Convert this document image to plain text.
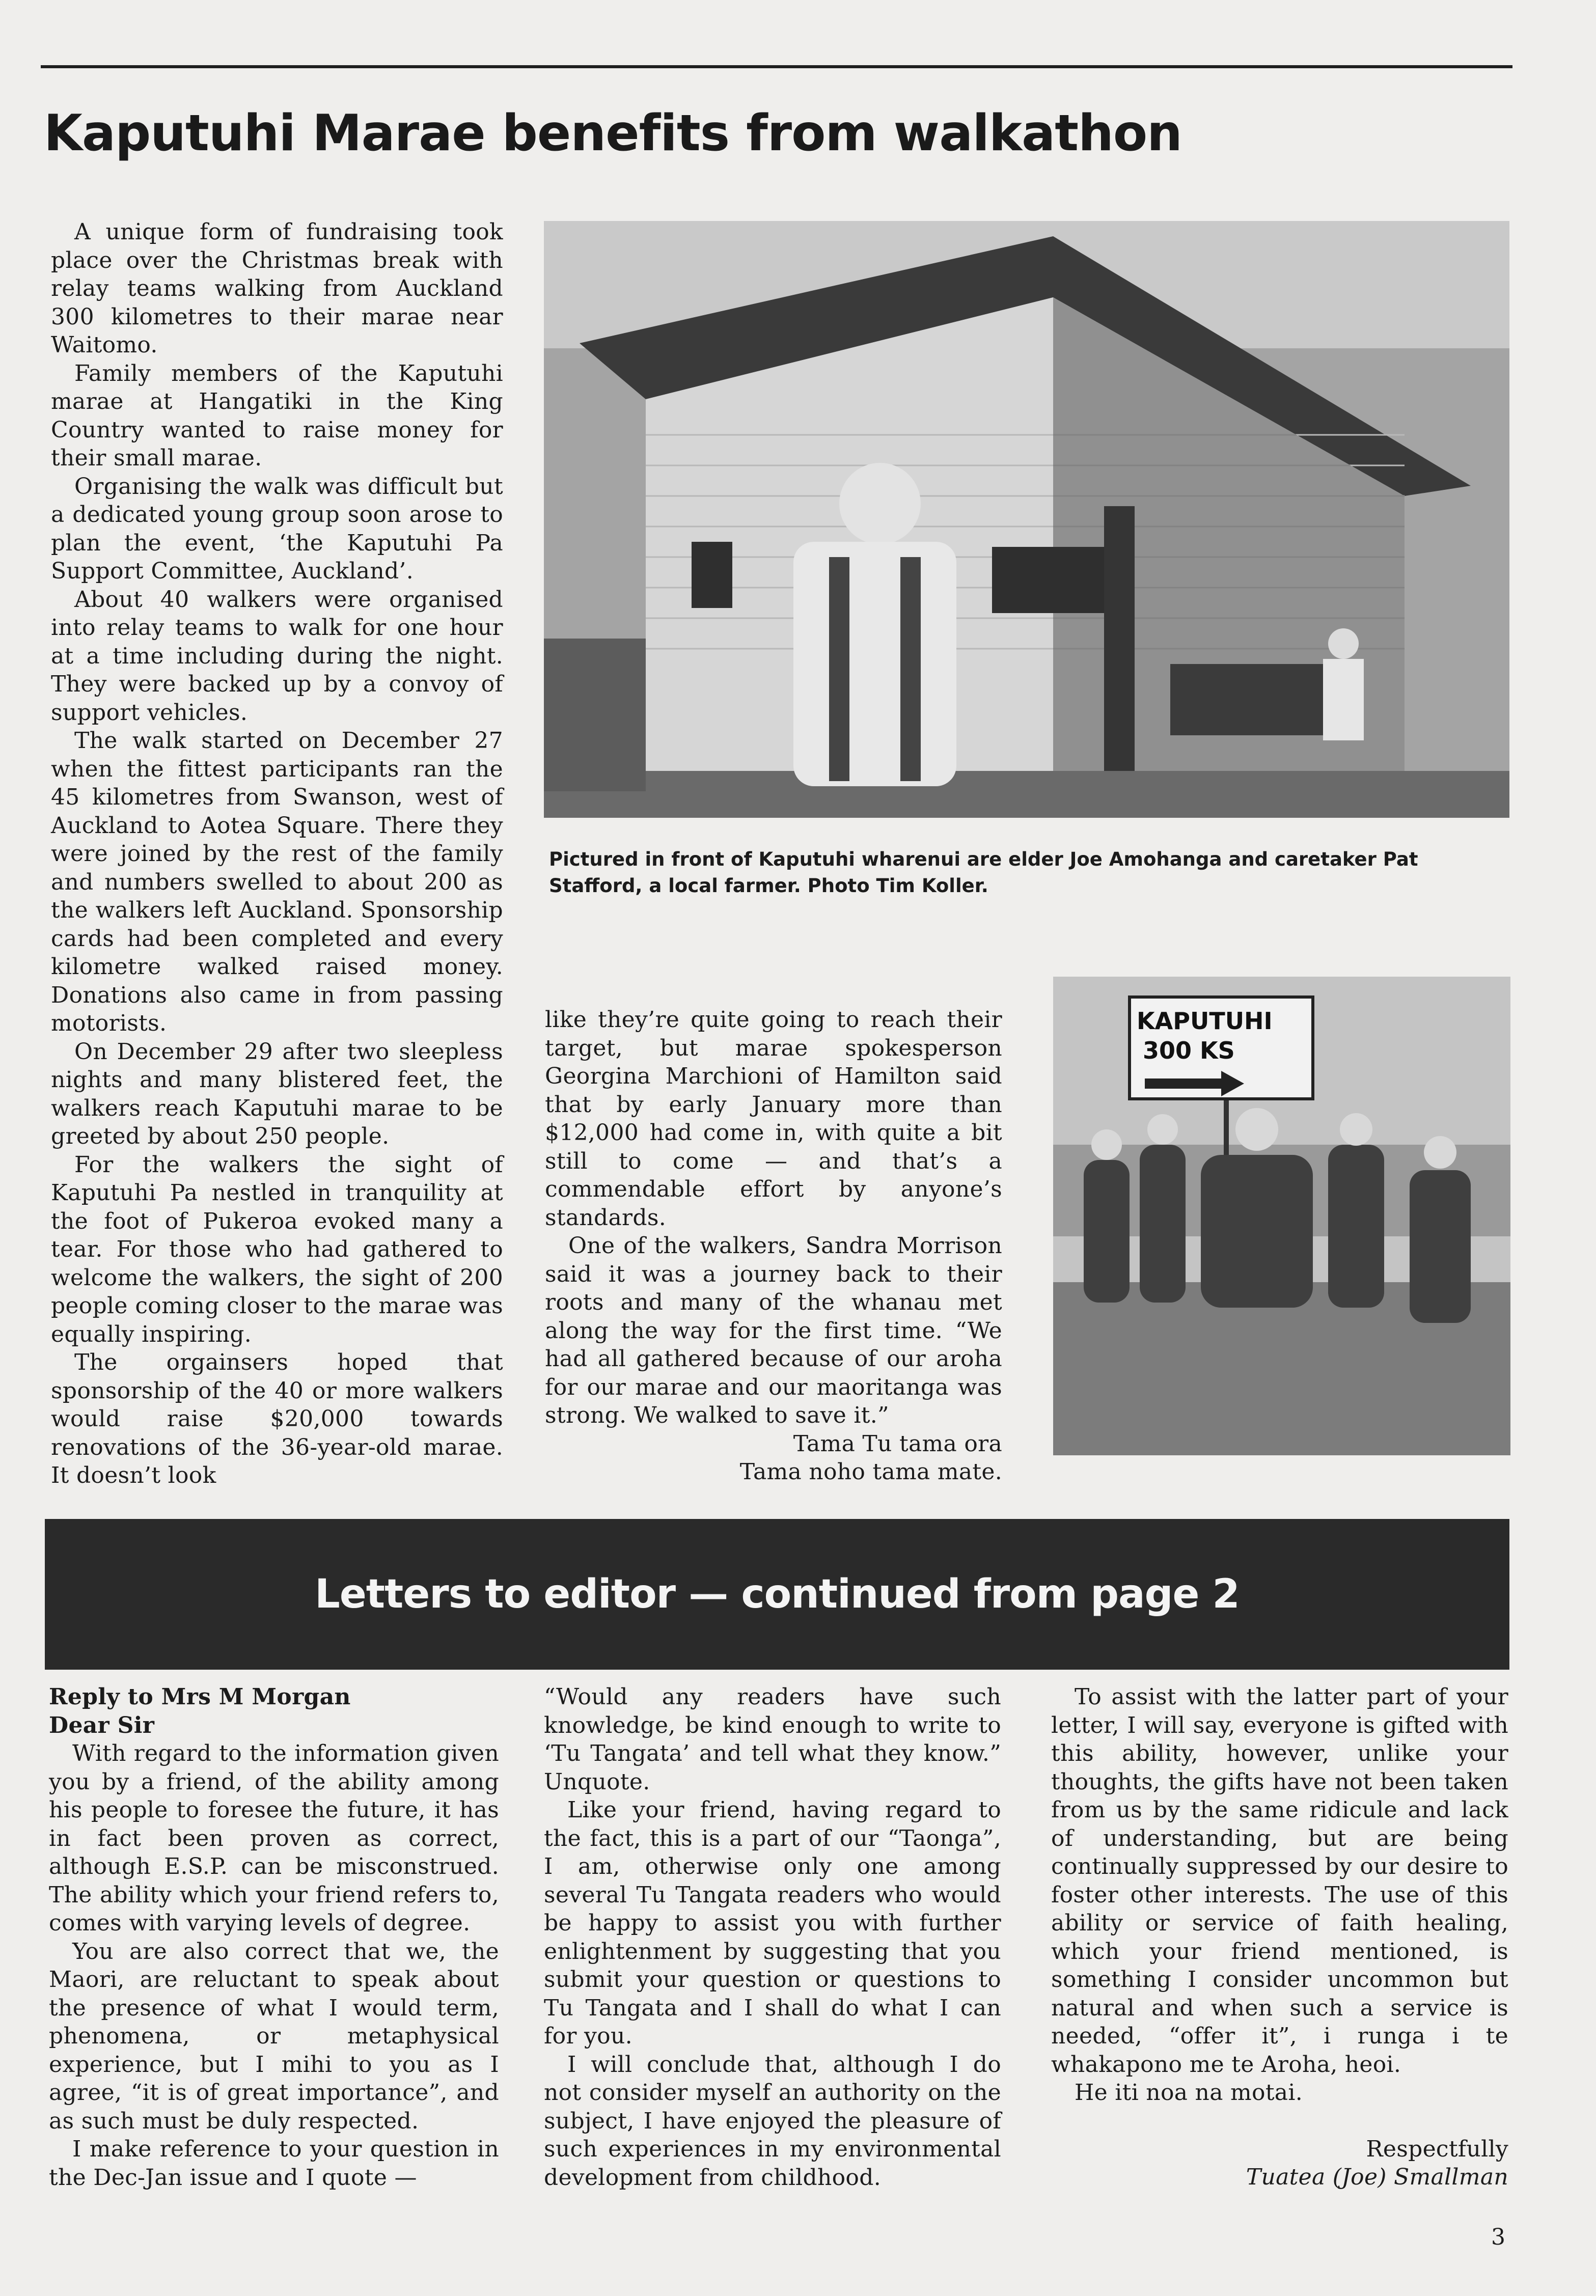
Kaputuhi Marae benefits from walkathon

A unique form of fundraising took place over the Christmas break with relay teams walking from Auckland 300 kilometres to their marae near Waitomo.

Family members of the Kaputuhi marae at Hangatiki in the King Country wanted to raise money for their small marae.

Organising the walk was difficult but a dedicated young group soon arose to plan the event, ‘the Kaputuhi Pa Support Committee, Auckland’.

About 40 walkers were organised into relay teams to walk for one hour at a time including during the night. They were backed up by a convoy of support vehicles.

The walk started on December 27 when the fittest participants ran the 45 kilometres from Swanson, west of Auckland to Aotea Square. There they were joined by the rest of the family and numbers swelled to about 200 as the walkers left Auckland. Sponsorship cards had been completed and every kilometre walked raised money. Donations also came in from passing motorists.

On December 29 after two sleepless nights and many blistered feet, the walkers reach Kaputuhi marae to be greeted by about 250 people.

For the walkers the sight of Kaputuhi Pa nestled in tranquility at the foot of Pukeroa evoked many a tear. For those who had gathered to welcome the walkers, the sight of 200 people coming closer to the marae was equally inspiring.

The orgainsers hoped that sponsorship of the 40 or more walkers would raise $20,000 towards renovations of the 36-year-old marae. It doesn’t look

Pictured in front of Kaputuhi wharenui are elder Joe Amohanga and caretaker Pat Stafford, a local farmer. Photo Tim Koller.

like they’re quite going to reach their target, but marae spokesperson Georgina Marchioni of Hamilton said that by early January more than $12,000 had come in, with quite a bit still to come — and that’s a commendable effort by anyone’s standards.

One of the walkers, Sandra Morrison said it was a journey back to their roots and many of the whanau met along the way for the first time. “We had all gathered because of our aroha for our marae and our maoritanga was strong. We walked to save it.”

Tama Tu tama ora

Tama noho tama mate.

KAPUTUHI
300 KS
Letters to editor — continued from page 2

Reply to Mrs M Morgan

Dear Sir

With regard to the information given you by a friend, of the ability among his people to foresee the future, it has in fact been proven as correct, although E.S.P. can be misconstrued. The ability which your friend refers to, comes with varying levels of degree.

You are also correct that we, the Maori, are reluctant to speak about the presence of what I would term, phenomena, or metaphysical experience, but I mihi to you as I agree, “it is of great importance”, and as such must be duly respected.

I make reference to your question in the Dec-Jan issue and I quote —

“Would any readers have such knowledge, be kind enough to write to ‘Tu Tangata’ and tell what they know.” Unquote.

Like your friend, having regard to the fact, this is a part of our “Taonga”, I am, otherwise only one among several Tu Tangata readers who would be happy to assist you with further enlightenment by suggesting that you submit your question or questions to Tu Tangata and I shall do what I can for you.

I will conclude that, although I do not consider myself an authority on the subject, I have enjoyed the pleasure of such experiences in my environmental development from childhood.

To assist with the latter part of your letter, I will say, everyone is gifted with this ability, however, unlike your thoughts, the gifts have not been taken from us by the same ridicule and lack of understanding, but are being continually suppressed by our desire to foster other interests. The use of this ability or service of faith healing, which your friend mentioned, is something I consider uncommon but natural and when such a service is needed, “offer it”, i runga i te whakapono me te Aroha, heoi.

He iti noa na motai.

Respectfully

Tuatea (Joe) Smallman

3
